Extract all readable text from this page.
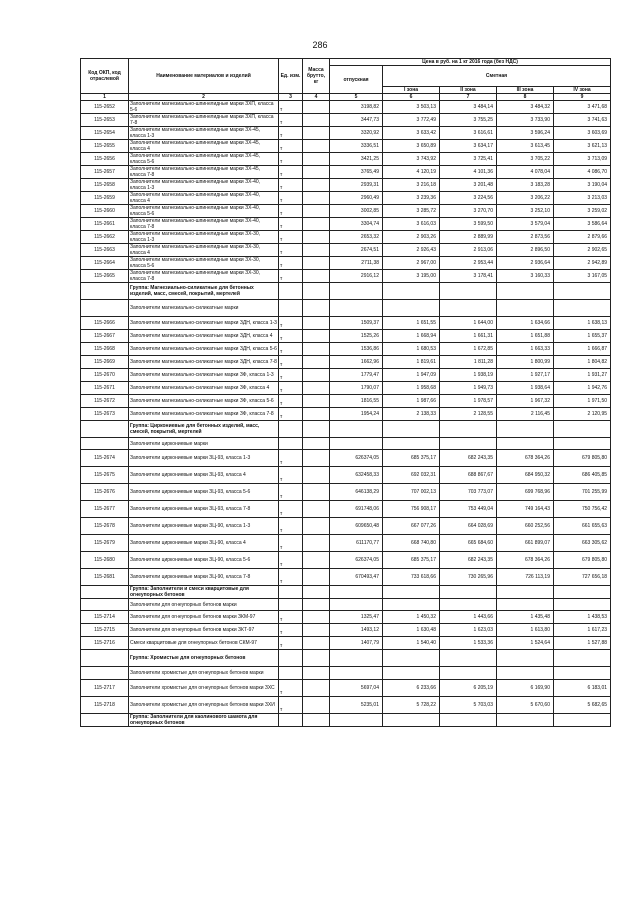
286
Код ОКП, код отраслевой	Наименование материалов и изделий	Ед. изм.	Масса брутто, кг	Цена в руб. на 1 кг 2016 года (без НДС)				
				отпускная	Сметная			
					I зона	II зона	III зона	IV зона
1	2	3	4	5	6	7	8	9
115-2652	Заполнители магнезиально-шпинелидные марки ЗХП, класса 5-6	т		3198,82	3 503,13	3 484,14	3 484,32	3 471,68
115-2653	Заполнители магнезиально-шпинелидные марки ЗХП, класса 7-8	т		3447,73	3 772,49	3 755,25	3 733,90	3 741,63
115-2654	Заполнители магнезиально-шпинелидные марки ЗХ-45, класса 1-3	т		3320,92	3 633,42	3 616,61	3 596,24	3 603,69
115-2655	Заполнители магнезиально-шпинелидные марки ЗХ-45, класса 4	т		3336,51	3 650,89	3 634,17	3 613,45	3 621,13
115-2656	Заполнители магнезиально-шпинелидные марки ЗХ-45, класса 5-6	т		3421,25	3 743,92	3 725,41	3 705,22	3 713,09
115-2657	Заполнители магнезиально-шпинелидные марки ЗХ-45, класса 7-8	т		3765,49	4 120,19	4 101,36	4 078,04	4 086,70
115-2658	Заполнители магнезиально-шпинелидные марки ЗХ-40, класса 1-3	т		2939,31	3 216,18	3 201,48	3 183,28	3 190,04
115-2659	Заполнители магнезиально-шпинелидные марки ЗХ-40, класса 4	т		2960,49	3 239,36	3 224,56	3 206,22	3 213,03
115-2660	Заполнители магнезиально-шпинелидные марки ЗХ-40, класса 5-6	т		3002,85	3 285,72	3 270,70	3 252,10	3 259,02
115-2661	Заполнители магнезиально-шпинелидные марки ЗХ-40, класса 7-8	т		3304,74	3 616,03	3 599,50	3 579,04	3 586,64
115-2662	Заполнители магнезиально-шпинелидные марки ЗХ-30, класса 1-3	т		2653,32	2 903,26	2 889,99	2 873,56	2 879,66
115-2663	Заполнители магнезиально-шпинелидные марки ЗХ-30, класса 4	т		2674,51	2 926,43	2 913,06	2 896,50	2 902,65
115-2664	Заполнители магнезиально-шпинелидные марки ЗХ-30, класса 5-6	т		2711,38	2 967,00	2 953,44	2 936,64	2 942,89
115-2665	Заполнители магнезиально-шпинелидные марки ЗХ-30, класса 7-8	т		2916,12	3 195,00	3 178,41	3 160,33	3 167,05
	Группа: Магнезиально-силикатные для бетонных изделий, масс, смесей, покрытий, мертелей							
	Заполнители магнезиально-силикатные марки							
115-2666	Заполнители магнезиально-силикатные марки ЗДН, класса 1-3	т		1509,37	1 651,55	1 644,00	1 634,66	1 638,13
115-2667	Заполнители магнезиально-силикатные марки ЗДН, класса 4	т		1525,26	1 668,94	1 661,31	1 651,88	1 655,37
115-2668	Заполнители магнезиально-силикатные марки ЗДН, класса 5-6	т		1536,86	1 680,53	1 672,85	1 663,33	1 666,87
115-2669	Заполнители магнезиально-силикатные марки ЗДН, класса 7-8	т		1662,96	1 819,61	1 811,28	1 800,99	1 804,82
115-2670	Заполнители магнезиально-силикатные марки ЗФ, класса 1-3	т		1779,47	1 947,09	1 938,19	1 927,17	1 931,27
115-2671	Заполнители магнезиально-силикатные марки ЗФ, класса 4	т		1790,07	1 958,68	1 949,73	1 938,64	1 942,76
115-2672	Заполнители магнезиально-силикатные марки ЗФ, класса 5-6	т		1816,55	1 987,66	1 978,57	1 967,32	1 971,50
115-2673	Заполнители магнезиально-силикатные марки ЗФ, класса 7-8	т		1954,24	2 138,33	2 128,55	2 116,45	2 120,95
	Группа: Циркониевые для бетонных изделий, масс, смесей, покрытий, мертелей							
	Заполнители циркониевые марки							
115-2674	Заполнители циркониевые марки ЗЦ-93, класса 1-3	т		626374,05	685 375,17	682 243,35	678 364,26	679 805,80
115-2675	Заполнители циркониевые марки ЗЦ-93, класса 4	т		632458,33	692 032,31	688 867,67	684 950,32	686 405,85
115-2676	Заполнители циркониевые марки ЗЦ-93, класса 5-6	т		646138,29	707 002,13	703 773,07	699 768,96	701 255,99
115-2677	Заполнители циркониевые марки ЗЦ-93, класса 7-8	т		691748,06	756 908,17	753 449,04	749 164,43	750 756,42
115-2678	Заполнители циркониевые марки ЗЦ-90, класса 1-3	т		609650,48	667 077,26	664 028,69	660 252,56	661 655,63
115-2679	Заполнители циркониевые марки ЗЦ-90, класса 4	т		611170,77	668 740,80	665 684,60	661 899,07	663 305,62
115-2680	Заполнители циркониевые марки ЗЦ-90, класса 5-6	т		626374,05	685 375,17	682 243,35	678 364,26	679 805,80
115-2681	Заполнители циркониевые марки ЗЦ-90, класса 7-8	т		670493,47	733 618,66	730 265,96	726 113,19	727 656,18
	Группа: Заполнители и смеси кварцитовые для огнеупорных бетонов							
	Заполнители для огнеупорных бетонов марки							
115-2714	Заполнители для огнеупорных бетонов марки ЗКМ-97	т		1325,47	1 450,32	1 443,66	1 435,48	1 438,53
115-2715	Заполнители для огнеупорных бетонов марки ЗКТ-97	т		1493,12	1 630,48	1 623,03	1 613,80	1 617,23
115-2716	Смеси кварцитовые для огнеупорных бетонов СКМ-97	т		1407,79	1 540,40	1 533,36	1 524,64	1 527,88
	Группа: Хромистые для огнеупорных бетонов							
	Заполнители хромистые для огнеупорных бетонов марки							
115-2717	Заполнители хромистые для огнеупорных бетонов марки ЗХС	т		5697,04	6 233,66	6 205,19	6 169,90	6 183,01
115-2718	Заполнители хромистые для огнеупорных бетонов марки ЗХИ	т		5235,01	5 728,22	5 703,03	5 670,60	5 682,65
	Группа: Заполнители для каолинового шамота для огнеупорных бетонов							
